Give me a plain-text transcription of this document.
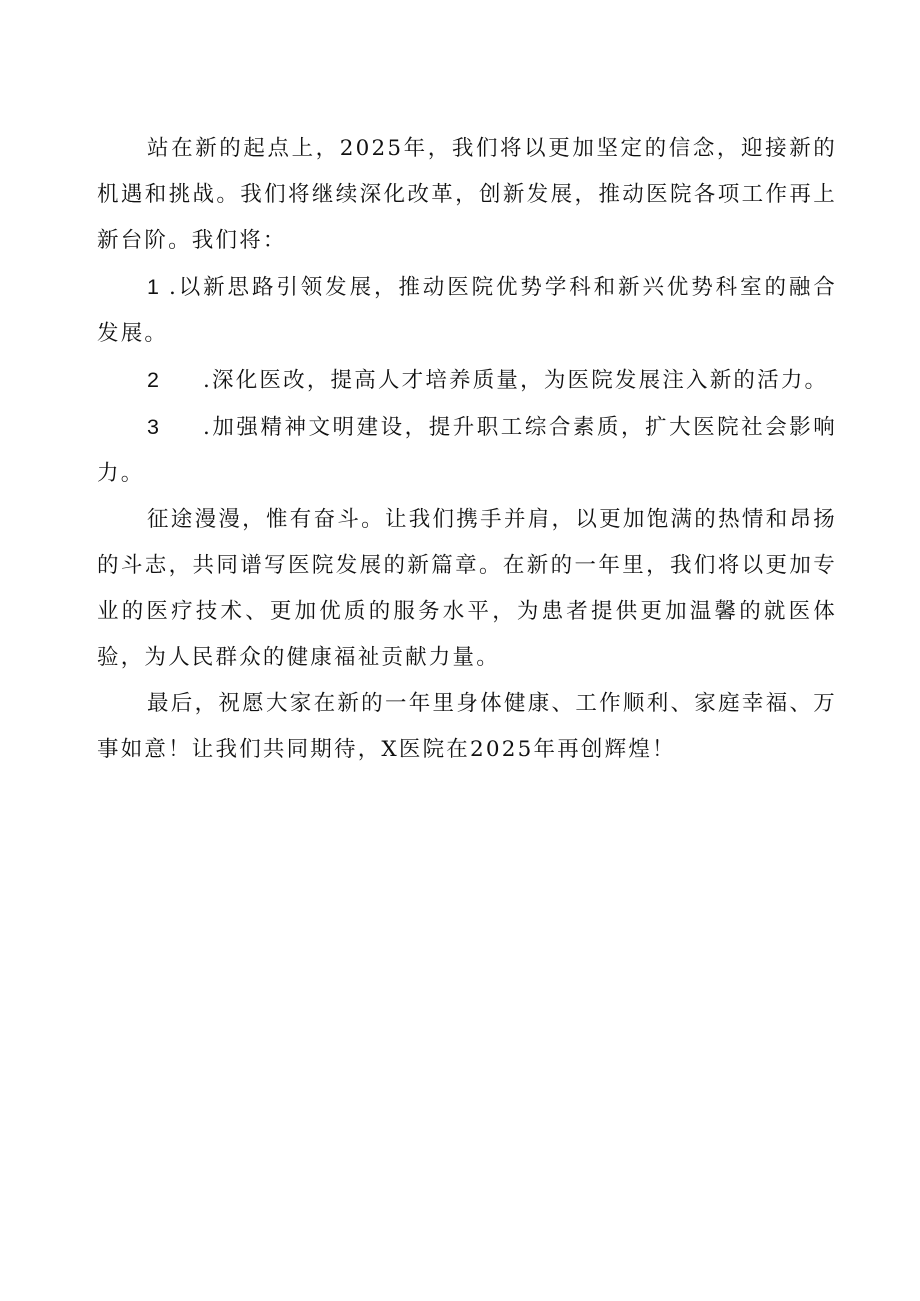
站在新的起点上，2025年，我们将以更加坚定的信念，迎接新的机遇和挑战。我们将继续深化改革，创新发展，推动医院各项工作再上新台阶。我们将：

1 .以新思路引领发展，推动医院优势学科和新兴优势科室的融合发展。

2 .深化医改，提高人才培养质量，为医院发展注入新的活力。

3 .加强精神文明建设，提升职工综合素质，扩大医院社会影响力。

征途漫漫，惟有奋斗。让我们携手并肩，以更加饱满的热情和昂扬的斗志，共同谱写医院发展的新篇章。在新的一年里，我们将以更加专业的医疗技术、更加优质的服务水平，为患者提供更加温馨的就医体验，为人民群众的健康福祉贡献力量。

最后，祝愿大家在新的一年里身体健康、工作顺利、家庭幸福、万事如意！让我们共同期待，X医院在2025年再创辉煌！
